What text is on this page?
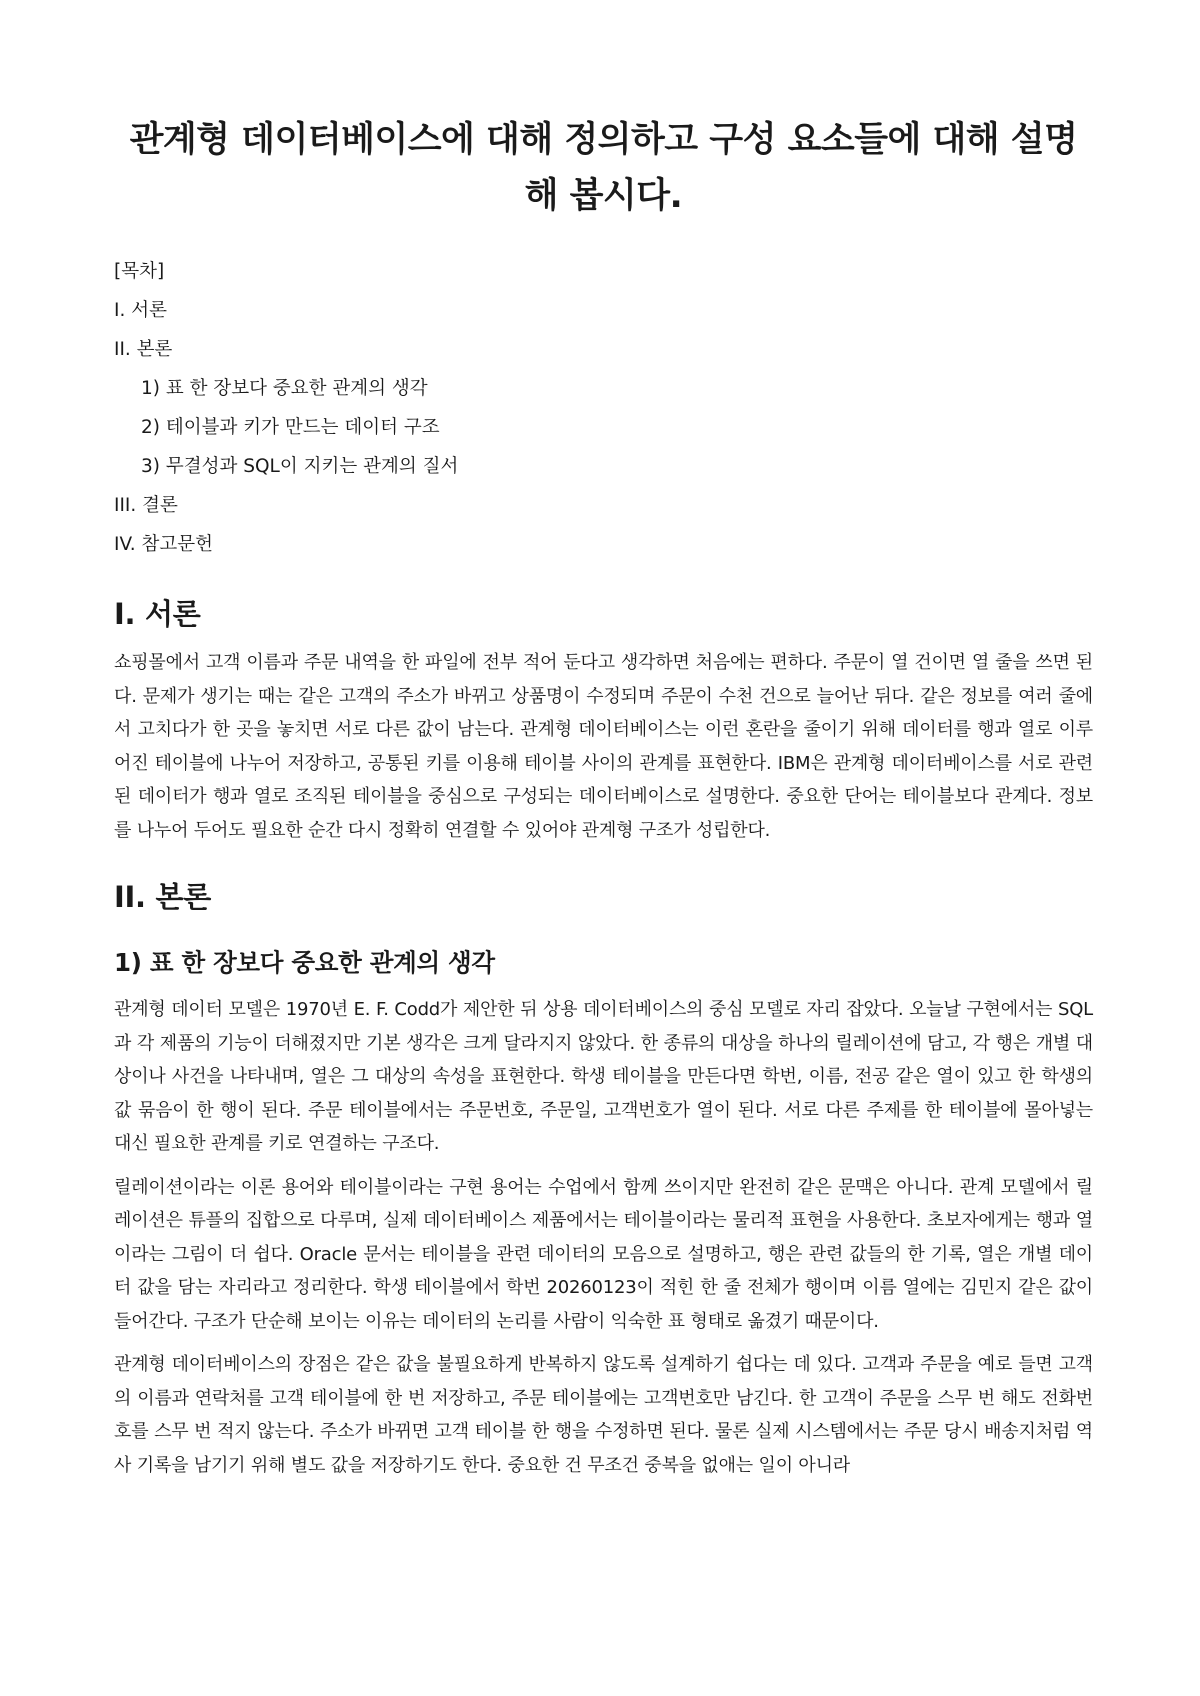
관계형 데이터베이스에 대해 정의하고 구성 요소들에 대해 설명해 봅시다.
[목차]
I. 서론
II. 본론
1) 표 한 장보다 중요한 관계의 생각
2) 테이블과 키가 만드는 데이터 구조
3) 무결성과 SQL이 지키는 관계의 질서
III. 결론
IV. 참고문헌
I. 서론

쇼핑몰에서 고객 이름과 주문 내역을 한 파일에 전부 적어 둔다고 생각하면 처음에는 편하다. 주문이 열 건이면 열 줄을 쓰면 된다. 문제가 생기는 때는 같은 고객의 주소가 바뀌고 상품명이 수정되며 주문이 수천 건으로 늘어난 뒤다. 같은 정보를 여러 줄에서 고치다가 한 곳을 놓치면 서로 다른 값이 남는다. 관계형 데이터베이스는 이런 혼란을 줄이기 위해 데이터를 행과 열로 이루어진 테이블에 나누어 저장하고, 공통된 키를 이용해 테이블 사이의 관계를 표현한다. IBM은 관계형 데이터베이스를 서로 관련된 데이터가 행과 열로 조직된 테이블을 중심으로 구성되는 데이터베이스로 설명한다. 중요한 단어는 테이블보다 관계다. 정보를 나누어 두어도 필요한 순간 다시 정확히 연결할 수 있어야 관계형 구조가 성립한다.

II. 본론
1) 표 한 장보다 중요한 관계의 생각

관계형 데이터 모델은 1970년 E. F. Codd가 제안한 뒤 상용 데이터베이스의 중심 모델로 자리 잡았다. 오늘날 구현에서는 SQL과 각 제품의 기능이 더해졌지만 기본 생각은 크게 달라지지 않았다. 한 종류의 대상을 하나의 릴레이션에 담고, 각 행은 개별 대상이나 사건을 나타내며, 열은 그 대상의 속성을 표현한다. 학생 테이블을 만든다면 학번, 이름, 전공 같은 열이 있고 한 학생의 값 묶음이 한 행이 된다. 주문 테이블에서는 주문번호, 주문일, 고객번호가 열이 된다. 서로 다른 주제를 한 테이블에 몰아넣는 대신 필요한 관계를 키로 연결하는 구조다.

릴레이션이라는 이론 용어와 테이블이라는 구현 용어는 수업에서 함께 쓰이지만 완전히 같은 문맥은 아니다. 관계 모델에서 릴레이션은 튜플의 집합으로 다루며, 실제 데이터베이스 제품에서는 테이블이라는 물리적 표현을 사용한다. 초보자에게는 행과 열이라는 그림이 더 쉽다. Oracle 문서는 테이블을 관련 데이터의 모음으로 설명하고, 행은 관련 값들의 한 기록, 열은 개별 데이터 값을 담는 자리라고 정리한다. 학생 테이블에서 학번 20260123이 적힌 한 줄 전체가 행이며 이름 열에는 김민지 같은 값이 들어간다. 구조가 단순해 보이는 이유는 데이터의 논리를 사람이 익숙한 표 형태로 옮겼기 때문이다.

관계형 데이터베이스의 장점은 같은 값을 불필요하게 반복하지 않도록 설계하기 쉽다는 데 있다. 고객과 주문을 예로 들면 고객의 이름과 연락처를 고객 테이블에 한 번 저장하고, 주문 테이블에는 고객번호만 남긴다. 한 고객이 주문을 스무 번 해도 전화번호를 스무 번 적지 않는다. 주소가 바뀌면 고객 테이블 한 행을 수정하면 된다. 물론 실제 시스템에서는 주문 당시 배송지처럼 역사 기록을 남기기 위해 별도 값을 저장하기도 한다. 중요한 건 무조건 중복을 없애는 일이 아니라
